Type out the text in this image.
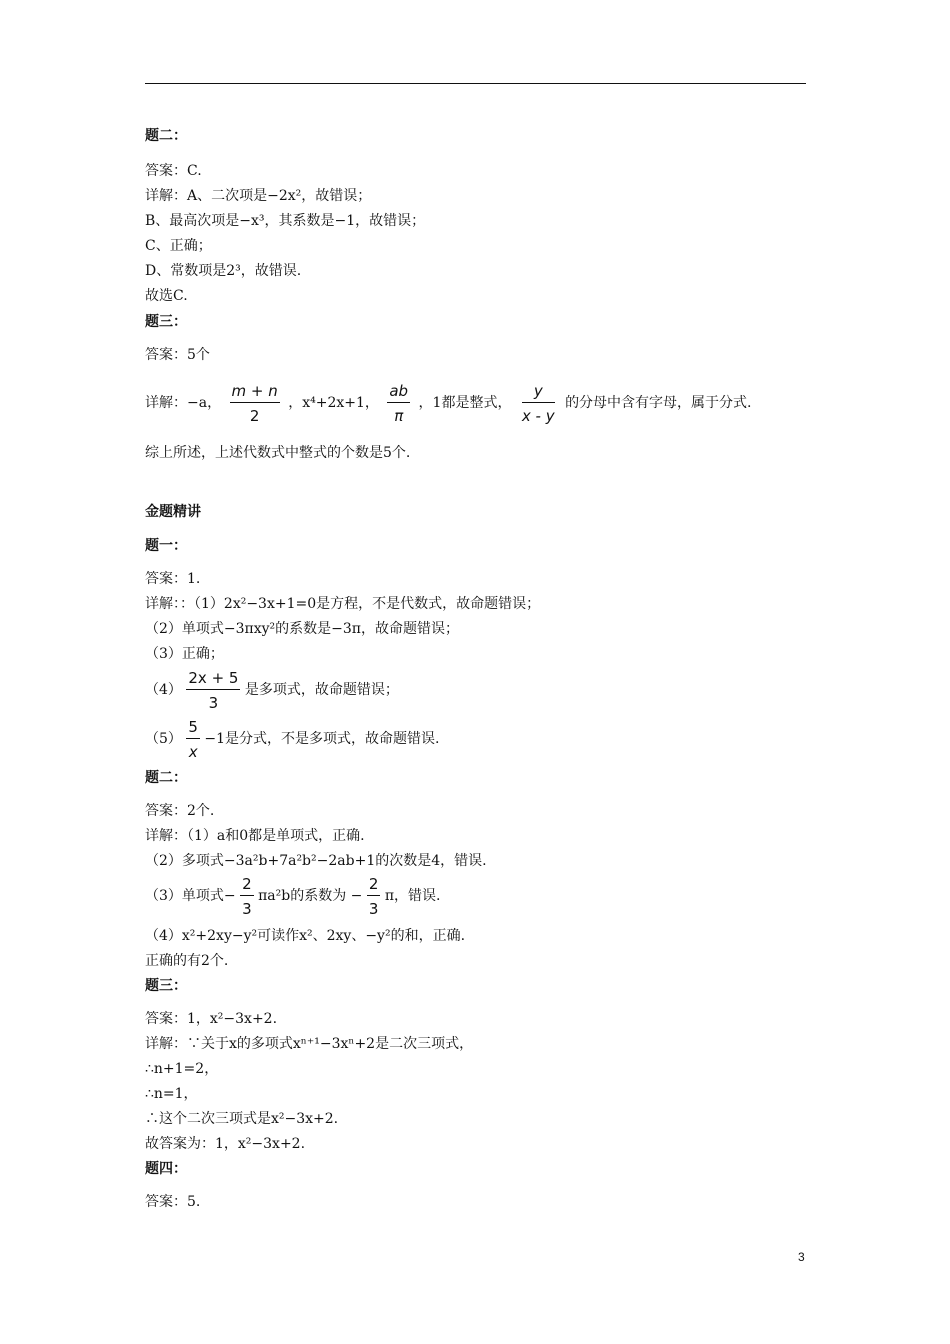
题二：
答案：C.
详解：A、二次项是−2x²，故错误；
B、最高次项是−x³，其系数是−1，故错误；
C、正确；
D、常数项是2³，故错误.
故选C.
题三：
答案：5个
详解：−a， $\frac{m + n}{2}$ ，x⁴+2x+1， $\frac{ab}{\pi}$ ，1都是整式， $\frac{y}{x - y}$ 的分母中含有字母，属于分式.
综上所述，上述代数式中整式的个数是5个.
金题精讲
题一：
答案：1.
详解：：（1）2x²−3x+1=0是方程，不是代数式，故命题错误；
（2）单项式−3πxy²的系数是−3π，故命题错误；
（3）正确；
$(4) \frac{2x + 5}{3}$ 是多项式，故命题错误；
$(5) \frac{5}{x} -1$是分式，不是多项式，故命题错误.
题二：
答案：2个.
详解：（1）a和0都是单项式，正确.
（2）多项式−3a²b+7a²b²−2ab+1的次数是4，错误.
（3）单项式− $\frac{2}{3} \pi a^2b$的系数为 − $\frac{2}{3}$ π，错误.
（4）x²+2xy−y²可读作x²、2xy、−y²的和，正确.
正确的有2个.
题三：
答案：1，x²−3x+2.
详解：∵关于x的多项式xⁿ⁺¹−3xⁿ+2是二次三项式，
∴n+1=2，
∴n=1，
∴这个二次三项式是x²−3x+2.
故答案为：1，x²−3x+2.
题四：
答案：5.
3
